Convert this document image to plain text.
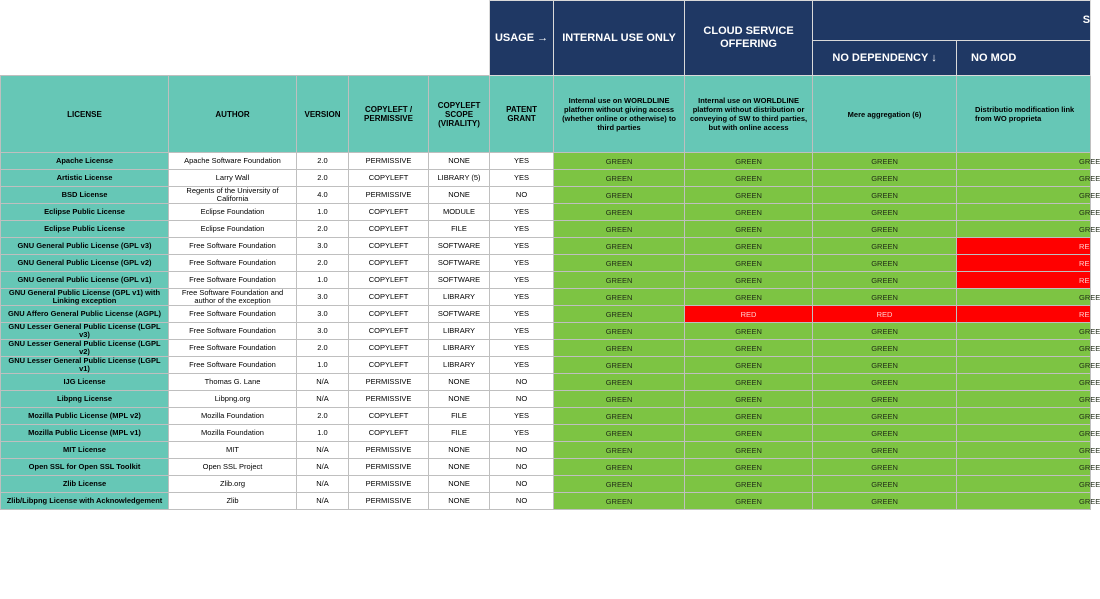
					USAGE →	INTERNAL USE ONLY	CLOUD SERVICE OFFERING	S	
								NO DEPENDENCY ↓	NO MOD
LICENSE	AUTHOR	VERSION	COPYLEFT / PERMISSIVE	COPYLEFT SCOPE (VIRALITY)	PATENT GRANT	Internal use on WORLDLINE platform without giving access (whether online or otherwise) to third parties	Internal use on WORLDLINE platform without distribution or conveying of SW to third parties, but with online access	Mere aggregation (6)	Distributio modification link from WO proprieta
Apache License	Apache Software Foundation	2.0	PERMISSIVE	NONE	YES	GREEN	GREEN	GREEN	GREE
Artistic License	Larry Wall	2.0	COPYLEFT	LIBRARY (5)	YES	GREEN	GREEN	GREEN	GREE
BSD License	Regents of the University of California	4.0	PERMISSIVE	NONE	NO	GREEN	GREEN	GREEN	GREE
Eclipse Public License	Eclipse Foundation	1.0	COPYLEFT	MODULE	YES	GREEN	GREEN	GREEN	GREE
Eclipse Public License	Eclipse Foundation	2.0	COPYLEFT	FILE	YES	GREEN	GREEN	GREEN	GREE
GNU General Public License (GPL v3)	Free Software Foundation	3.0	COPYLEFT	SOFTWARE	YES	GREEN	GREEN	GREEN	RE
GNU General Public License (GPL v2)	Free Software Foundation	2.0	COPYLEFT	SOFTWARE	YES	GREEN	GREEN	GREEN	RE
GNU General Public License (GPL v1)	Free Software Foundation	1.0	COPYLEFT	SOFTWARE	YES	GREEN	GREEN	GREEN	RE
GNU General Public License (GPL v1) with Linking exception	Free Software Foundation and author of the exception	3.0	COPYLEFT	LIBRARY	YES	GREEN	GREEN	GREEN	GREE
GNU Affero General Public License (AGPL)	Free Software Foundation	3.0	COPYLEFT	SOFTWARE	YES	GREEN	RED	RED	RE
GNU Lesser General Public License (LGPL v3)	Free Software Foundation	3.0	COPYLEFT	LIBRARY	YES	GREEN	GREEN	GREEN	GREE
GNU Lesser General Public License (LGPL v2)	Free Software Foundation	2.0	COPYLEFT	LIBRARY	YES	GREEN	GREEN	GREEN	GREE
GNU Lesser General Public License (LGPL v1)	Free Software Foundation	1.0	COPYLEFT	LIBRARY	YES	GREEN	GREEN	GREEN	GREE
IJG License	Thomas G. Lane	N/A	PERMISSIVE	NONE	NO	GREEN	GREEN	GREEN	GREE
Libpng License	Libpng.org	N/A	PERMISSIVE	NONE	NO	GREEN	GREEN	GREEN	GREE
Mozilla Public License (MPL v2)	Mozilla Foundation	2.0	COPYLEFT	FILE	YES	GREEN	GREEN	GREEN	GREE
Mozilla Public License (MPL v1)	Mozilla Foundation	1.0	COPYLEFT	FILE	YES	GREEN	GREEN	GREEN	GREE
MIT License	MIT	N/A	PERMISSIVE	NONE	NO	GREEN	GREEN	GREEN	GREE
Open SSL for Open SSL Toolkit	Open SSL Project	N/A	PERMISSIVE	NONE	NO	GREEN	GREEN	GREEN	GREE
Zlib License	Zlib.org	N/A	PERMISSIVE	NONE	NO	GREEN	GREEN	GREEN	GREE
Zlib/Libpng License with Acknowledgement	Zlib	N/A	PERMISSIVE	NONE	NO	GREEN	GREEN	GREEN	GREE
